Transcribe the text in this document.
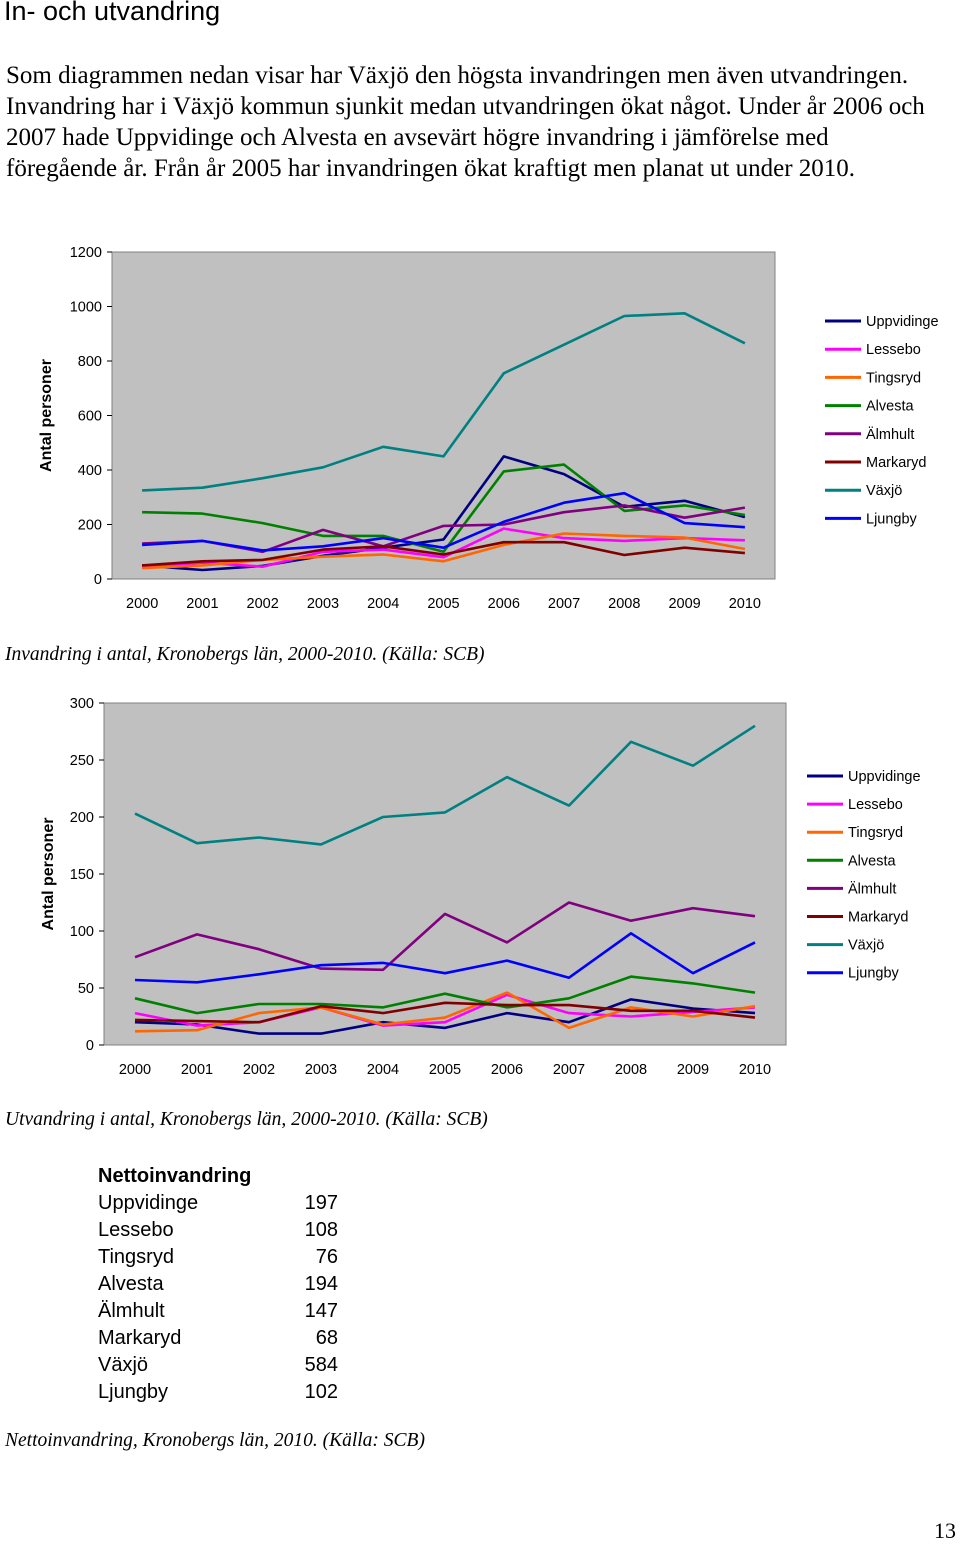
In- och utvandring
Som diagrammen nedan visar har Växjö den högsta invandringen men även utvandringen. Invandring har i Växjö kommun sjunkit medan utvandringen ökat något. Under år 2006 och 2007 hade Uppvidinge och Alvesta en avsevärt högre invandring i jämförelse med föregående år. Från år 2005 har invandringen ökat kraftigt men planat ut under 2010.
0
200
400
600
800
1000
1200
2000 2001 2002 2003 2004 2005 2006 2007 2008 2009 2010
Antal personer
Uppvidinge
Lessebo
Tingsryd
Alvesta
Älmhult
Markaryd
Växjö
Ljungby
Invandring i antal, Kronobergs län, 2000-2010. (Källa: SCB)
0
50
100
150
200
250
300
2000 2001 2002 2003 2004 2005 2006 2007 2008 2009 2010
Antal personer
Uppvidinge
Lessebo
Tingsryd
Alvesta
Älmhult
Markaryd
Växjö
Ljungby
Utvandring i antal, Kronobergs län, 2000-2010. (Källa: SCB)
Nettoinvandring
Uppvidinge	197
Lessebo	108
Tingsryd	76
Alvesta	194
Älmhult	147
Markaryd	68
Växjö	584
Ljungby	102
Nettoinvandring, Kronobergs län, 2010. (Källa: SCB)
13
